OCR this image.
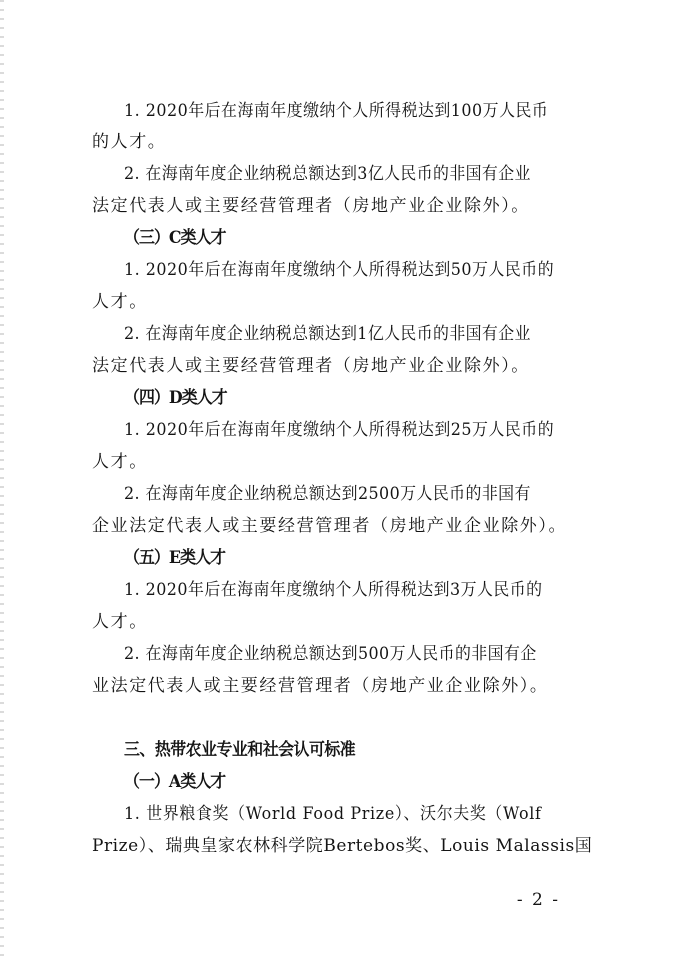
1. 2020年后在海南年度缴纳个人所得税达到100万人民币
的人才。
2. 在海南年度企业纳税总额达到3亿人民币的非国有企业
法定代表人或主要经营管理者（房地产业企业除外）。
（三）C类人才
1. 2020年后在海南年度缴纳个人所得税达到50万人民币的
人才。
2. 在海南年度企业纳税总额达到1亿人民币的非国有企业
法定代表人或主要经营管理者（房地产业企业除外）。
（四）D类人才
1. 2020年后在海南年度缴纳个人所得税达到25万人民币的
人才。
2. 在海南年度企业纳税总额达到2500万人民币的非国有
企业法定代表人或主要经营管理者（房地产业企业除外）。
（五）E类人才
1. 2020年后在海南年度缴纳个人所得税达到3万人民币的
人才。
2. 在海南年度企业纳税总额达到500万人民币的非国有企
业法定代表人或主要经营管理者（房地产业企业除外）。
三、热带农业专业和社会认可标准
（一）A类人才
1. 世界粮食奖（World Food Prize）、沃尔夫奖（Wolf
Prize）、瑞典皇家农林科学院Bertebos奖、Louis Malassis国
- 2 -
